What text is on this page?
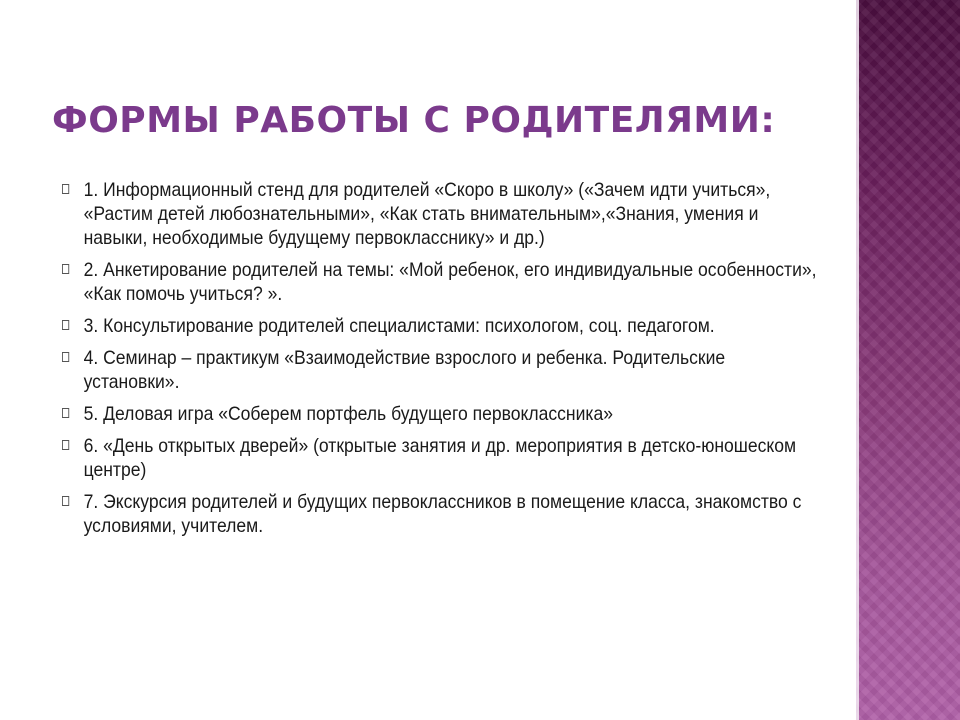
ФОРМЫ РАБОТЫ С РОДИТЕЛЯМИ:
1. Информационный стенд для родителей «Скоро в школу» («Зачем идти учиться», «Растим детей любознательными», «Как стать внимательным»,«Знания, умения и навыки, необходимые будущему первокласснику» и др.)
2. Анкетирование родителей на темы: «Мой ребенок, его индивидуальные особенности», «Как помочь учиться? ».
3. Консультирование родителей специалистами: психологом, соц. педагогом.
4. Семинар – практикум «Взаимодействие взрослого и ребенка. Родительские установки».
5. Деловая игра «Соберем портфель будущего первоклассника»
6. «День открытых дверей» (открытые занятия и др. мероприятия в детско-юношеском центре)
7. Экскурсия родителей и будущих первоклассников в помещение класса, знакомство с условиями, учителем.
